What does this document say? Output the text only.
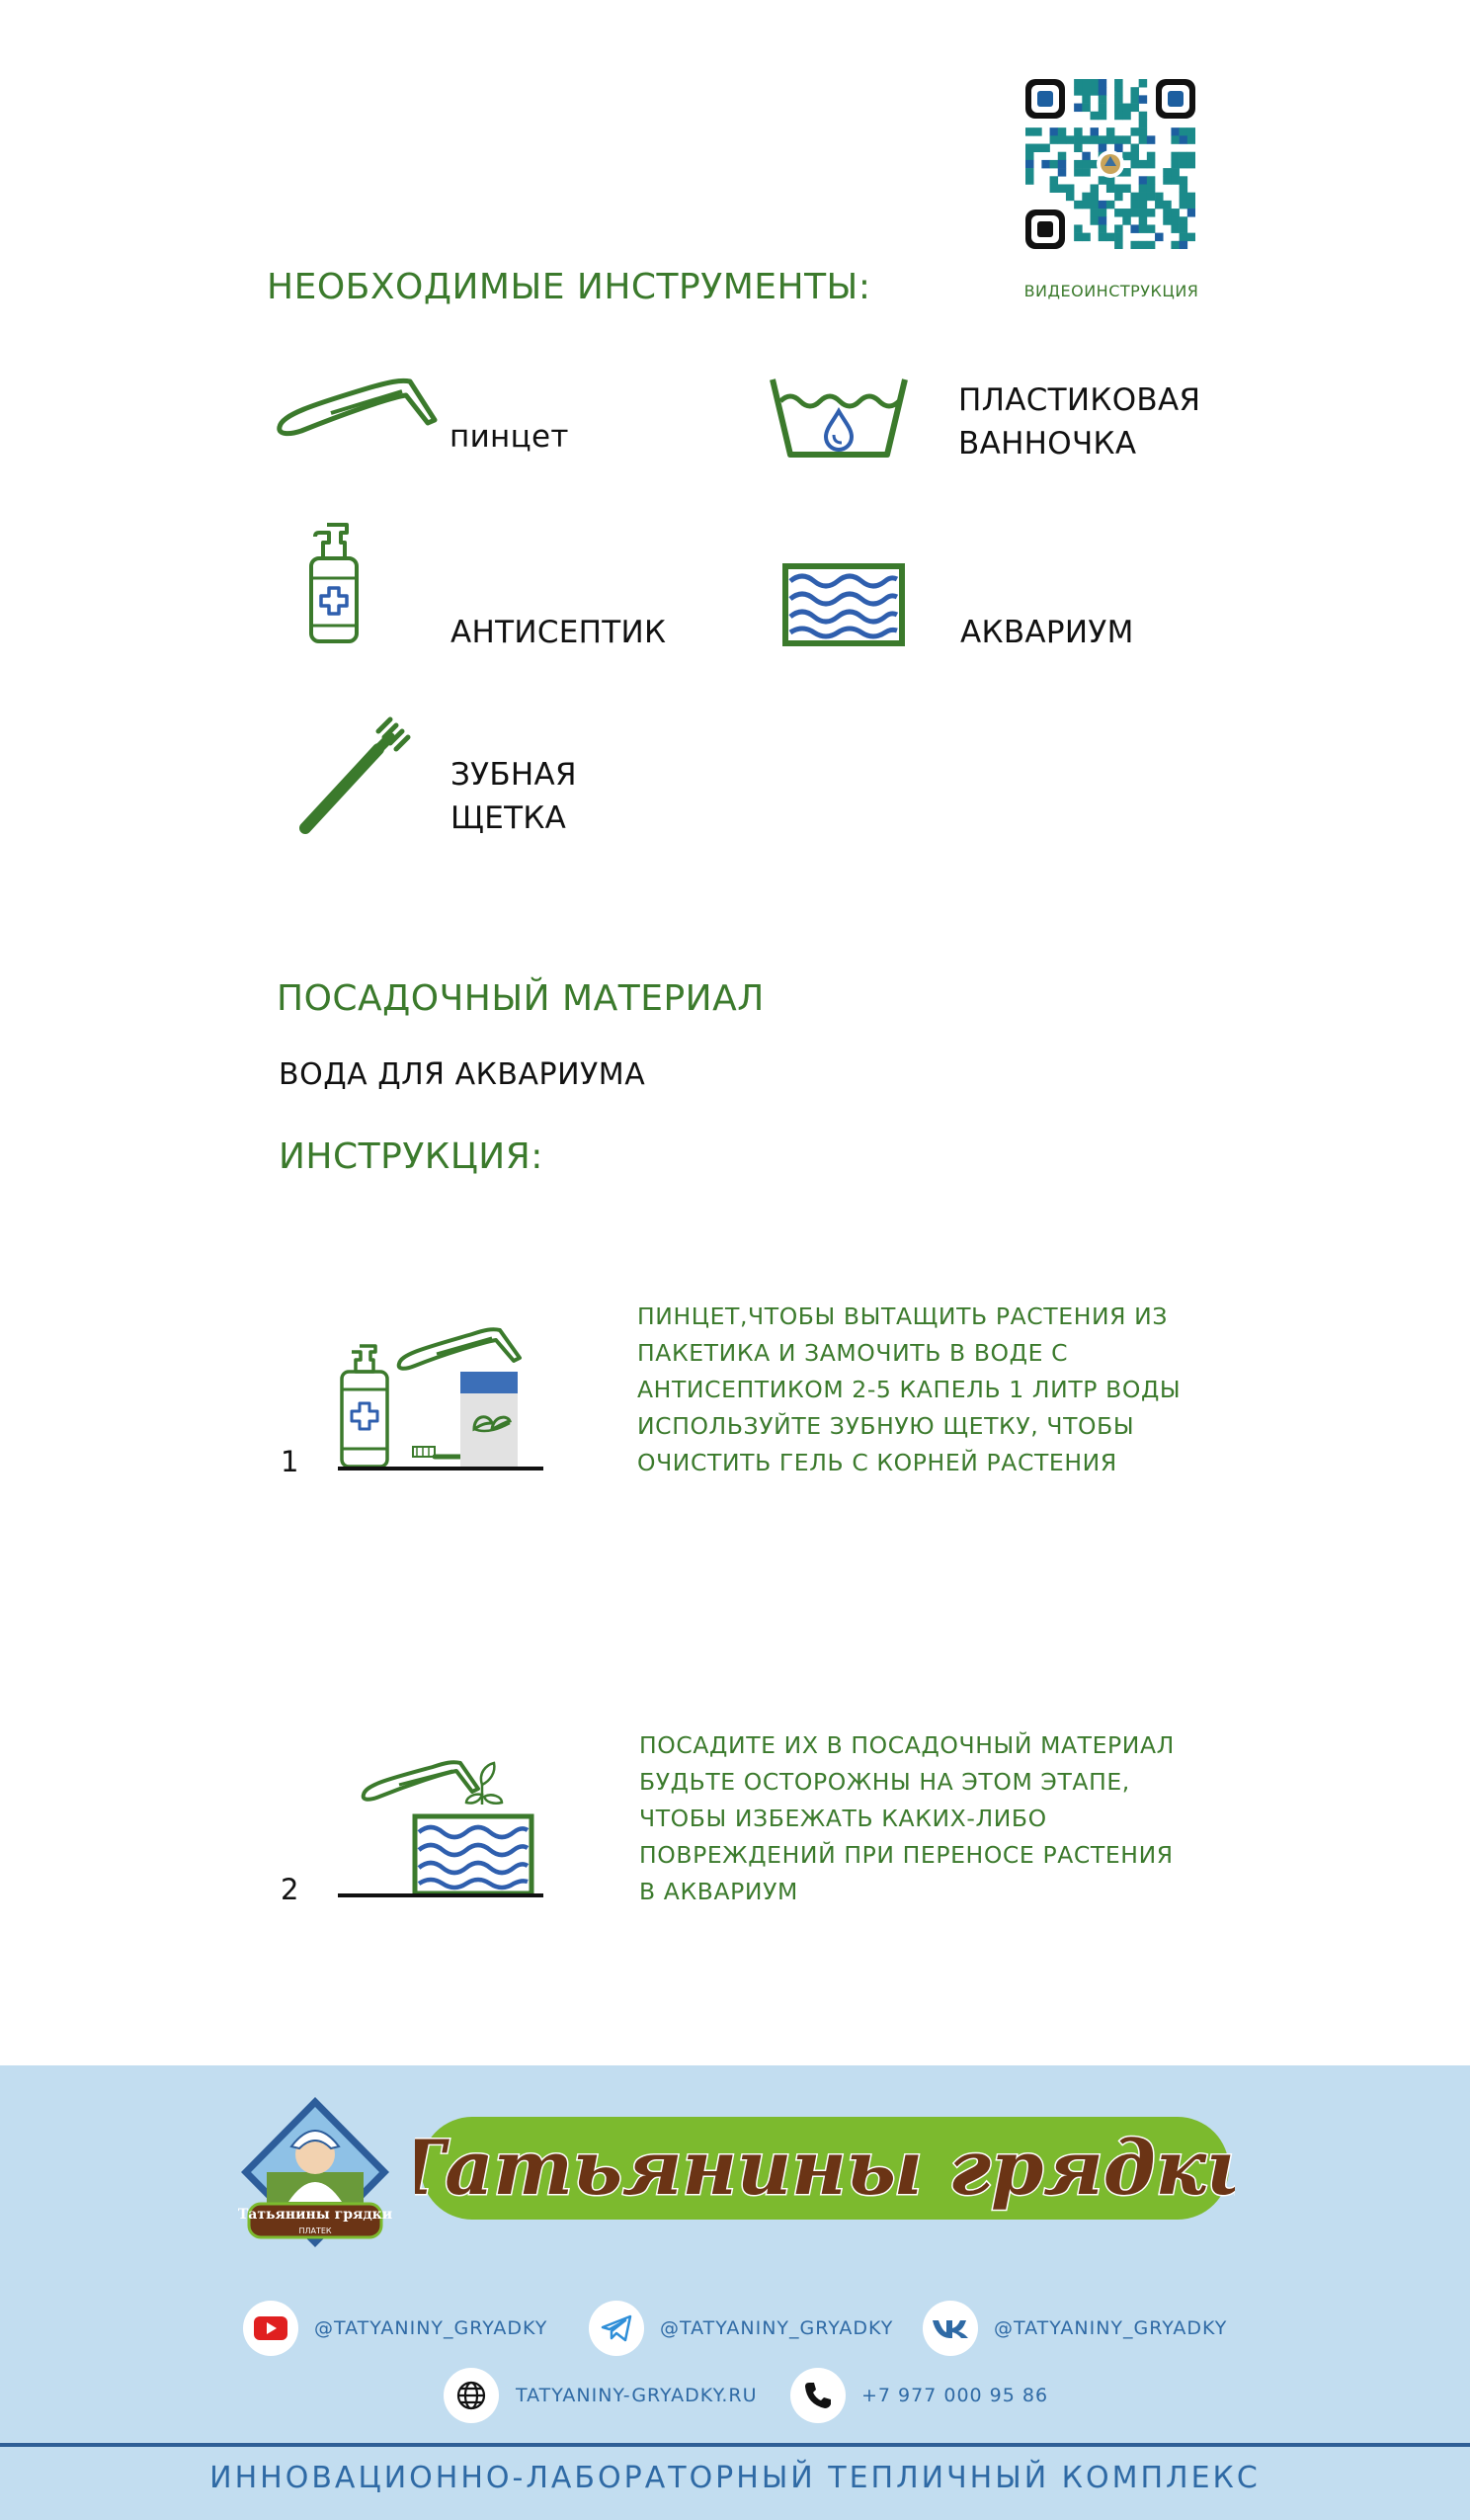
ВИДЕОИНСТРУКЦИЯ
НЕОБХОДИМЫЕ ИНСТРУМЕНТЫ:
пинцет
ПЛАСТИКОВАЯ
ВАННОЧКА
АНТИСЕПТИК	АКВАРИУМ
ЗУБНАЯ
ЩЕТКА
ПОСАДОЧНЫЙ МАТЕРИАЛ
ВОДА ДЛЯ АКВАРИУМА
ИНСТРУКЦИЯ:
1
ПИНЦЕТ,ЧТОБЫ ВЫТАЩИТЬ РАСТЕНИЯ ИЗ
ПАКЕТИКА И ЗАМОЧИТЬ В ВОДЕ С
АНТИСЕПТИКОМ 2-5 КАПЕЛЬ 1 ЛИТР ВОДЫ
ИСПОЛЬЗУЙТЕ ЗУБНУЮ ЩЕТКУ, ЧТОБЫ
ОЧИСТИТЬ ГЕЛЬ С КОРНЕЙ РАСТЕНИЯ
2
ПОСАДИТЕ ИХ В ПОСАДОЧНЫЙ МАТЕРИАЛ
БУДЬТЕ ОСТОРОЖНЫ НА ЭТОМ ЭТАПЕ,
ЧТОБЫ ИЗБЕЖАТЬ КАКИХ-ЛИБО
ПОВРЕЖДЕНИЙ ПРИ ПЕРЕНОСЕ РАСТЕНИЯ
В АКВАРИУМ
Татьянины грядки
ПЛАТЕК
Татьянины грядки
@TATYANINY_GRYADKY	@TATYANINY_GRYADKY	@TATYANINY_GRYADKY
TATYANINY-GRYADKY.RU	+7 977 000 95 86
ИННОВАЦИОННО-ЛАБОРАТОРНЫЙ ТЕПЛИЧНЫЙ КОМПЛЕКС
